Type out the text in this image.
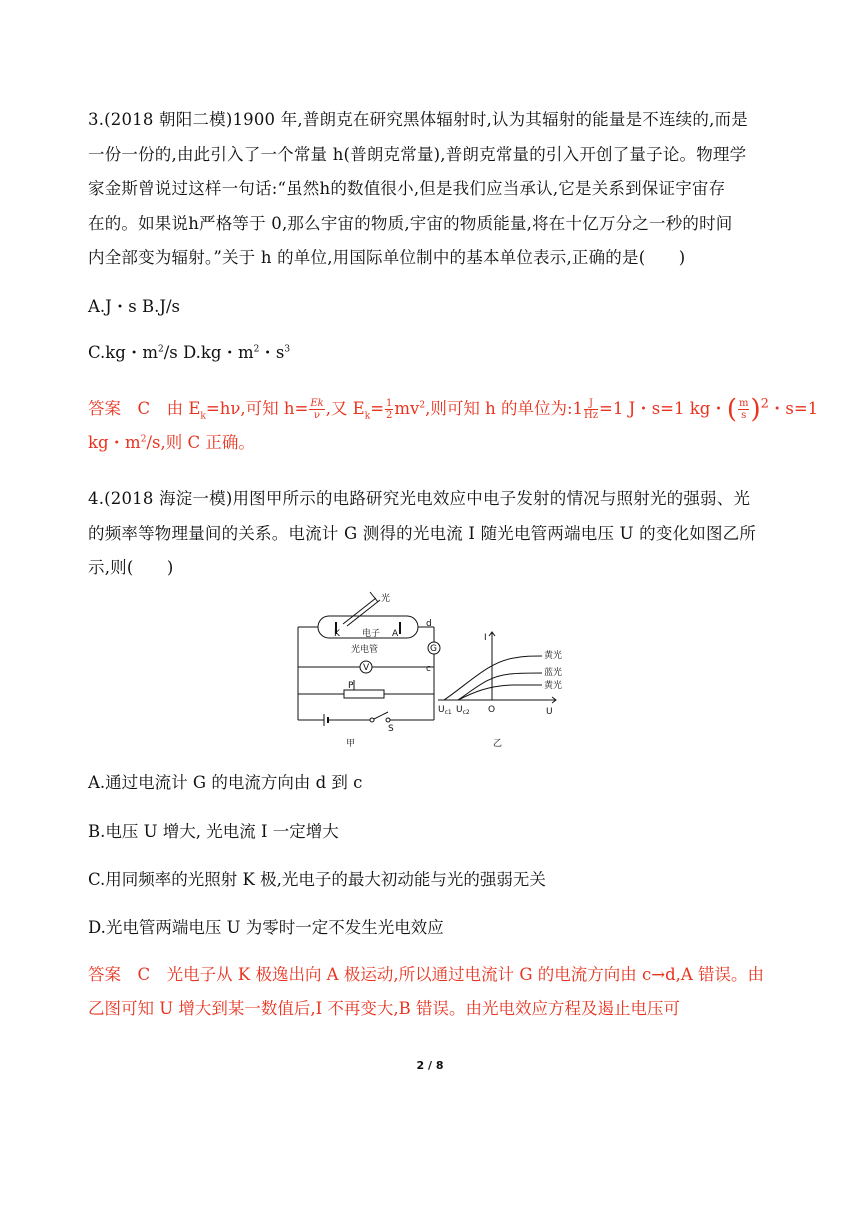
3.(2018 朝阳二模)1900 年,普朗克在研究黑体辐射时,认为其辐射的能量是不连续的,而是
一份一份的,由此引入了一个常量 h(普朗克常量),普朗克常量的引入开创了量子论。物理学
家金斯曾说过这样一句话:“虽然h的数值很小,但是我们应当承认,它是关系到保证宇宙存
在的。如果说h严格等于 0,那么宇宙的物质,宇宙的物质能量,将在十亿万分之一秒的时间
内全部变为辐射。”关于 h 的单位,用国际单位制中的基本单位表示,正确的是(　　)
A.J・s B.J/s
C.kg・$m^2/s$ D.kg・$m^2$・$s^3$
答案　C　由 $E_k=h\nu$,可知 $h= \frac{Ek}{\nu}$ ,又 $E_k= \frac{1}{2} mv^2$,则可知 h 的单位为:1 $\frac{J}{Hz} =1$ J・s=1 kg・( $\frac{m}{s} )^2$・s=1
kg・$m^2/s$,则 C 正确。
4.(2018 海淀一模)用图甲所示的电路研究光电效应中电子发射的情况与照射光的强弱、光
的频率等物理量间的关系。电流计 G 测得的光电流 I 随光电管两端电压 U 的变化如图乙所
示,则(　　)
光
K 电子 A
d
光电管	G
V	c
P
S
甲
I
U
O
$U_{c1}$ $U_{c2}$
黄光
蓝光
黄光
乙
A.通过电流计 G 的电流方向由 d 到 c
B.电压 U 增大, 光电流 I 一定增大
C.用同频率的光照射 K 极,光电子的最大初动能与光的强弱无关
D.光电管两端电压 U 为零时一定不发生光电效应
答案　C　光电子从 K 极逸出向 A 极运动,所以通过电流计 G 的电流方向由 c→d,A 错误。由
乙图可知 U 增大到某一数值后,I 不再变大,B 错误。由光电效应方程及遏止电压可
2 / 8
